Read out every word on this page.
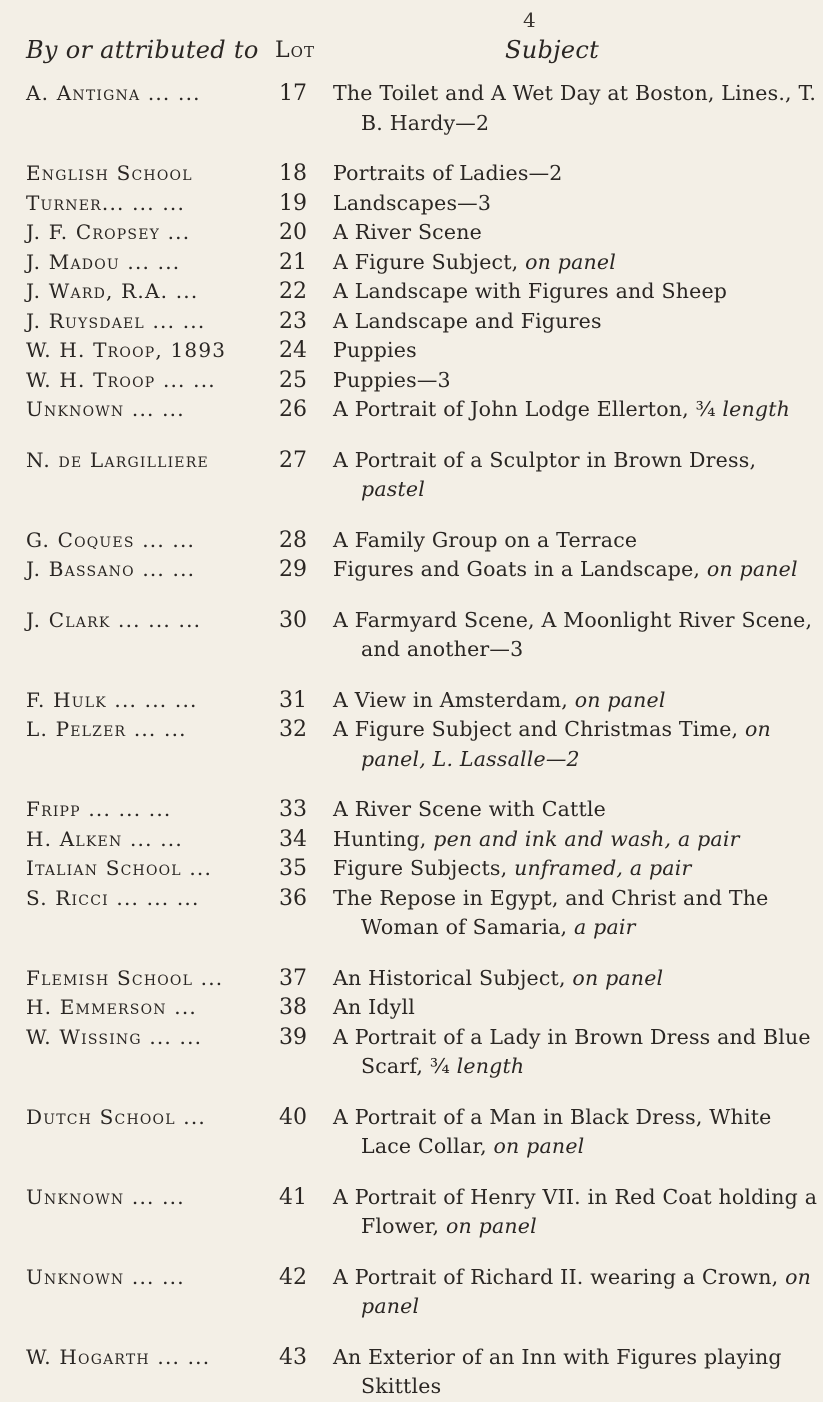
4
By or attributed to Lot	Subject
A. Antigna ... ...	17	The Toilet and A Wet Day at Boston, Lines., T. B. Hardy—2
English School	18	Portraits of Ladies—2
Turner... ... ...	19	Landscapes—3
J. F. Cropsey ...	20	A River Scene
J. Madou ... ...	21	A Figure Subject, on panel
J. Ward, R.A. ...	22	A Landscape with Figures and Sheep
J. Ruysdael ... ...	23	A Landscape and Figures
W. H. Troop, 1893	24	Puppies
W. H. Troop ... ...	25	Puppies—3
Unknown ... ...	26	A Portrait of John Lodge Ellerton, ¾ length
N. de Largilliere	27	A Portrait of a Sculptor in Brown Dress, pastel
G. Coques ... ...	28	A Family Group on a Terrace
J. Bassano ... ...	29	Figures and Goats in a Landscape, on panel
J. Clark ... ... ...	30	A Farmyard Scene, A Moonlight River Scene, and another—3
F. Hulk ... ... ...	31	A View in Amsterdam, on panel
L. Pelzer ... ...	32	A Figure Subject and Christmas Time, on panel, L. Lassalle—2
Fripp ... ... ...	33	A River Scene with Cattle
H. Alken ... ...	34	Hunting, pen and ink and wash, a pair
Italian School ...	35	Figure Subjects, unframed, a pair
S. Ricci ... ... ...	36	The Repose in Egypt, and Christ and The Woman of Samaria, a pair
Flemish School ...	37	An Historical Subject, on panel
H. Emmerson ...	38	An Idyll
W. Wissing ... ...	39	A Portrait of a Lady in Brown Dress and Blue Scarf, ¾ length
Dutch School ...	40	A Portrait of a Man in Black Dress, White Lace Collar, on panel
Unknown ... ...	41	A Portrait of Henry VII. in Red Coat holding a Flower, on panel
Unknown ... ...	42	A Portrait of Richard II. wearing a Crown, on panel
W. Hogarth ... ...	43	An Exterior of an Inn with Figures playing Skittles
